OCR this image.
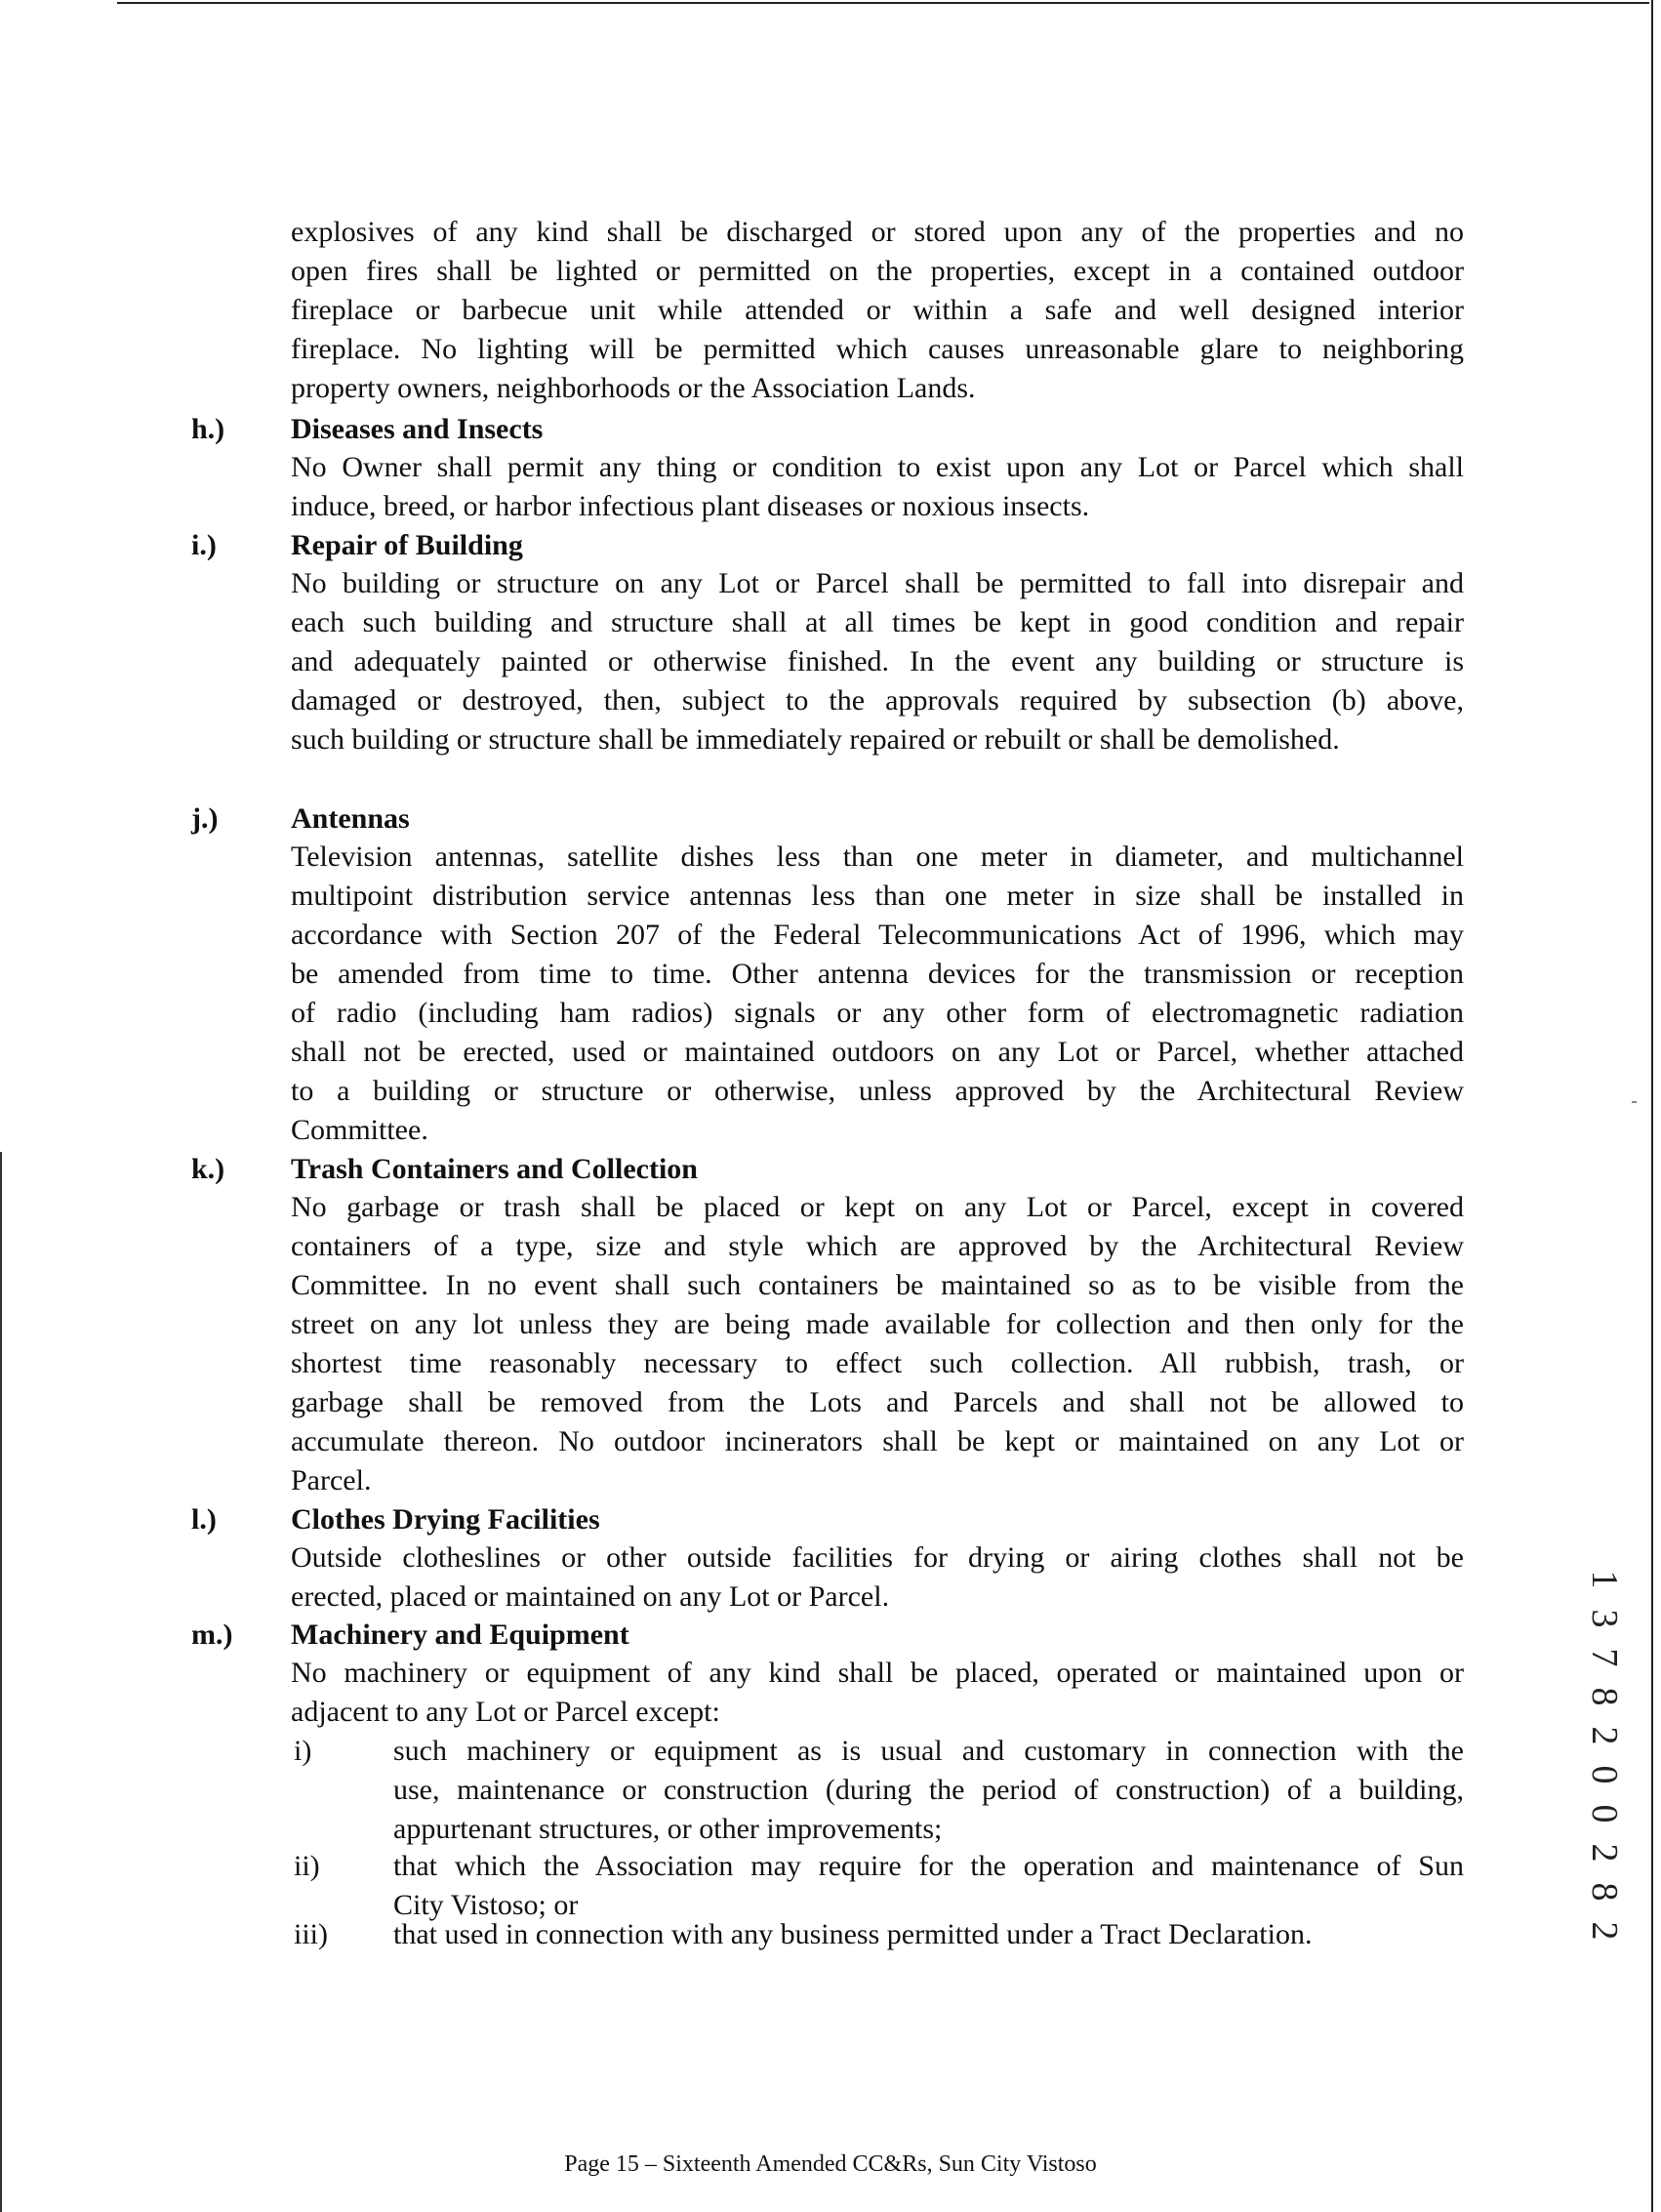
explosives of any kind shall be discharged or stored upon any of the properties and no
open fires shall be lighted or permitted on the properties, except in a contained outdoor
fireplace or barbecue unit while attended or within a safe and well designed interior
fireplace. No lighting will be permitted which causes unreasonable glare to neighboring
property owners, neighborhoods or the Association Lands.
h.)	Diseases and Insects
No Owner shall permit any thing or condition to exist upon any Lot or Parcel which shall
induce, breed, or harbor infectious plant diseases or noxious insects.
i.)	Repair of Building
No building or structure on any Lot or Parcel shall be permitted to fall into disrepair and
each such building and structure shall at all times be kept in good condition and repair
and adequately painted or otherwise finished. In the event any building or structure is
damaged or destroyed, then, subject to the approvals required by subsection (b) above,
such building or structure shall be immediately repaired or rebuilt or shall be demolished.
j.)	Antennas
Television antennas, satellite dishes less than one meter in diameter, and multichannel
multipoint distribution service antennas less than one meter in size shall be installed in
accordance with Section 207 of the Federal Telecommunications Act of 1996, which may
be amended from time to time. Other antenna devices for the transmission or reception
of radio (including ham radios) signals or any other form of electromagnetic radiation
shall not be erected, used or maintained outdoors on any Lot or Parcel, whether attached
to a building or structure or otherwise, unless approved by the Architectural Review
Committee.
k.)	Trash Containers and Collection
No garbage or trash shall be placed or kept on any Lot or Parcel, except in covered
containers of a type, size and style which are approved by the Architectural Review
Committee. In no event shall such containers be maintained so as to be visible from the
street on any lot unless they are being made available for collection and then only for the
shortest time reasonably necessary to effect such collection. All rubbish, trash, or
garbage shall be removed from the Lots and Parcels and shall not be allowed to
accumulate thereon. No outdoor incinerators shall be kept or maintained on any Lot or
Parcel.
l.)	Clothes Drying Facilities
Outside clotheslines or other outside facilities for drying or airing clothes shall not be
erected, placed or maintained on any Lot or Parcel.
m.)	Machinery and Equipment
No machinery or equipment of any kind shall be placed, operated or maintained upon or
adjacent to any Lot or Parcel except:
i)	such machinery or equipment as is usual and customary in connection with the
use, maintenance or construction (during the period of construction) of a building,
appurtenant structures, or other improvements;
ii)	that which the Association may require for the operation and maintenance of Sun
City Vistoso; or
iii) that used in connection with any business permitted under a Tract Declaration.
1
3
7
8
2
0
0
2
8
2
Page 15 – Sixteenth Amended CC&Rs, Sun City Vistoso
